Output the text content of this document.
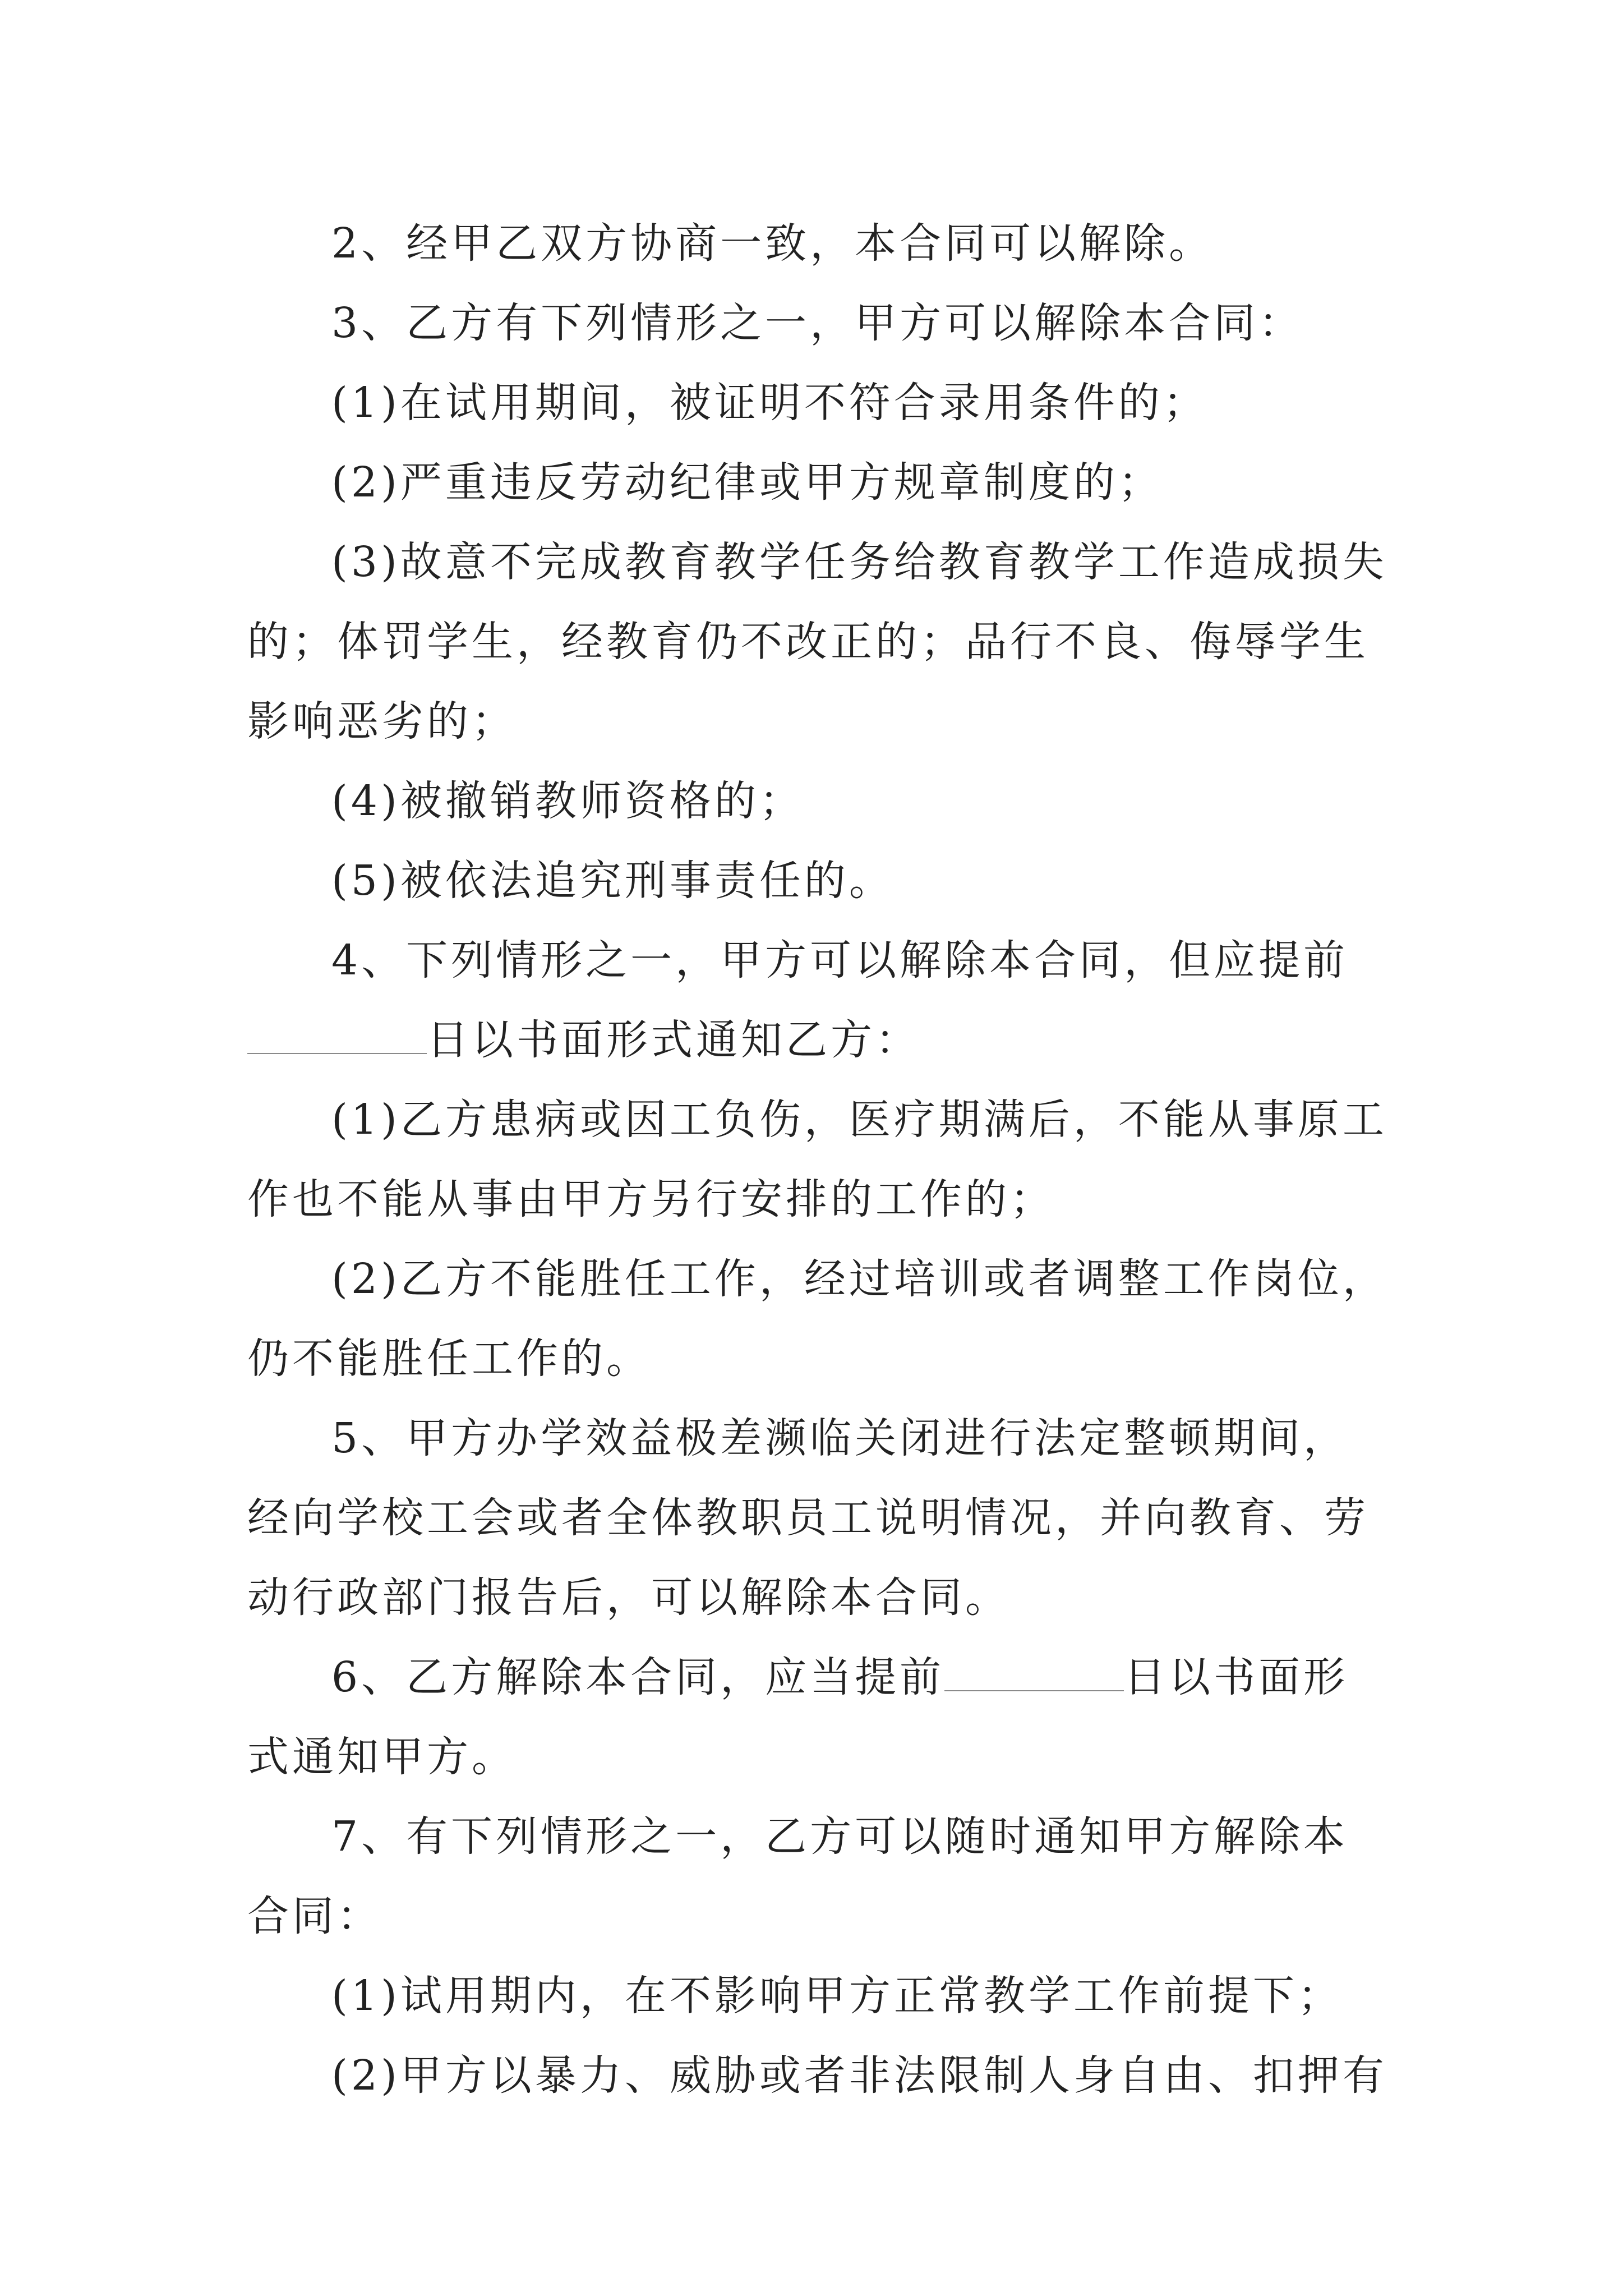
2、经甲乙双方协商一致，本合同可以解除。

3、乙方有下列情形之一，甲方可以解除本合同：

(1)在试用期间，被证明不符合录用条件的；

(2)严重违反劳动纪律或甲方规章制度的；

(3)故意不完成教育教学任务给教育教学工作造成损失的；体罚学生，经教育仍不改正的；品行不良、侮辱学生影响恶劣的；

(4)被撤销教师资格的；

(5)被依法追究刑事责任的。

4、下列情形之一，甲方可以解除本合同，但应提前
日以书面形式通知乙方：

(1)乙方患病或因工负伤，医疗期满后，不能从事原工作也不能从事由甲方另行安排的工作的；

(2)乙方不能胜任工作，经过培训或者调整工作岗位，仍不能胜任工作的。

5、甲方办学效益极差濒临关闭进行法定整顿期间，经向学校工会或者全体教职员工说明情况，并向教育、劳动行政部门报告后，可以解除本合同。

6、乙方解除本合同，应当提前	日以书面形式通知甲方。

7、有下列情形之一，乙方可以随时通知甲方解除本合同：

(1)试用期内，在不影响甲方正常教学工作前提下；

(2)甲方以暴力、威胁或者非法限制人身自由、扣押有
